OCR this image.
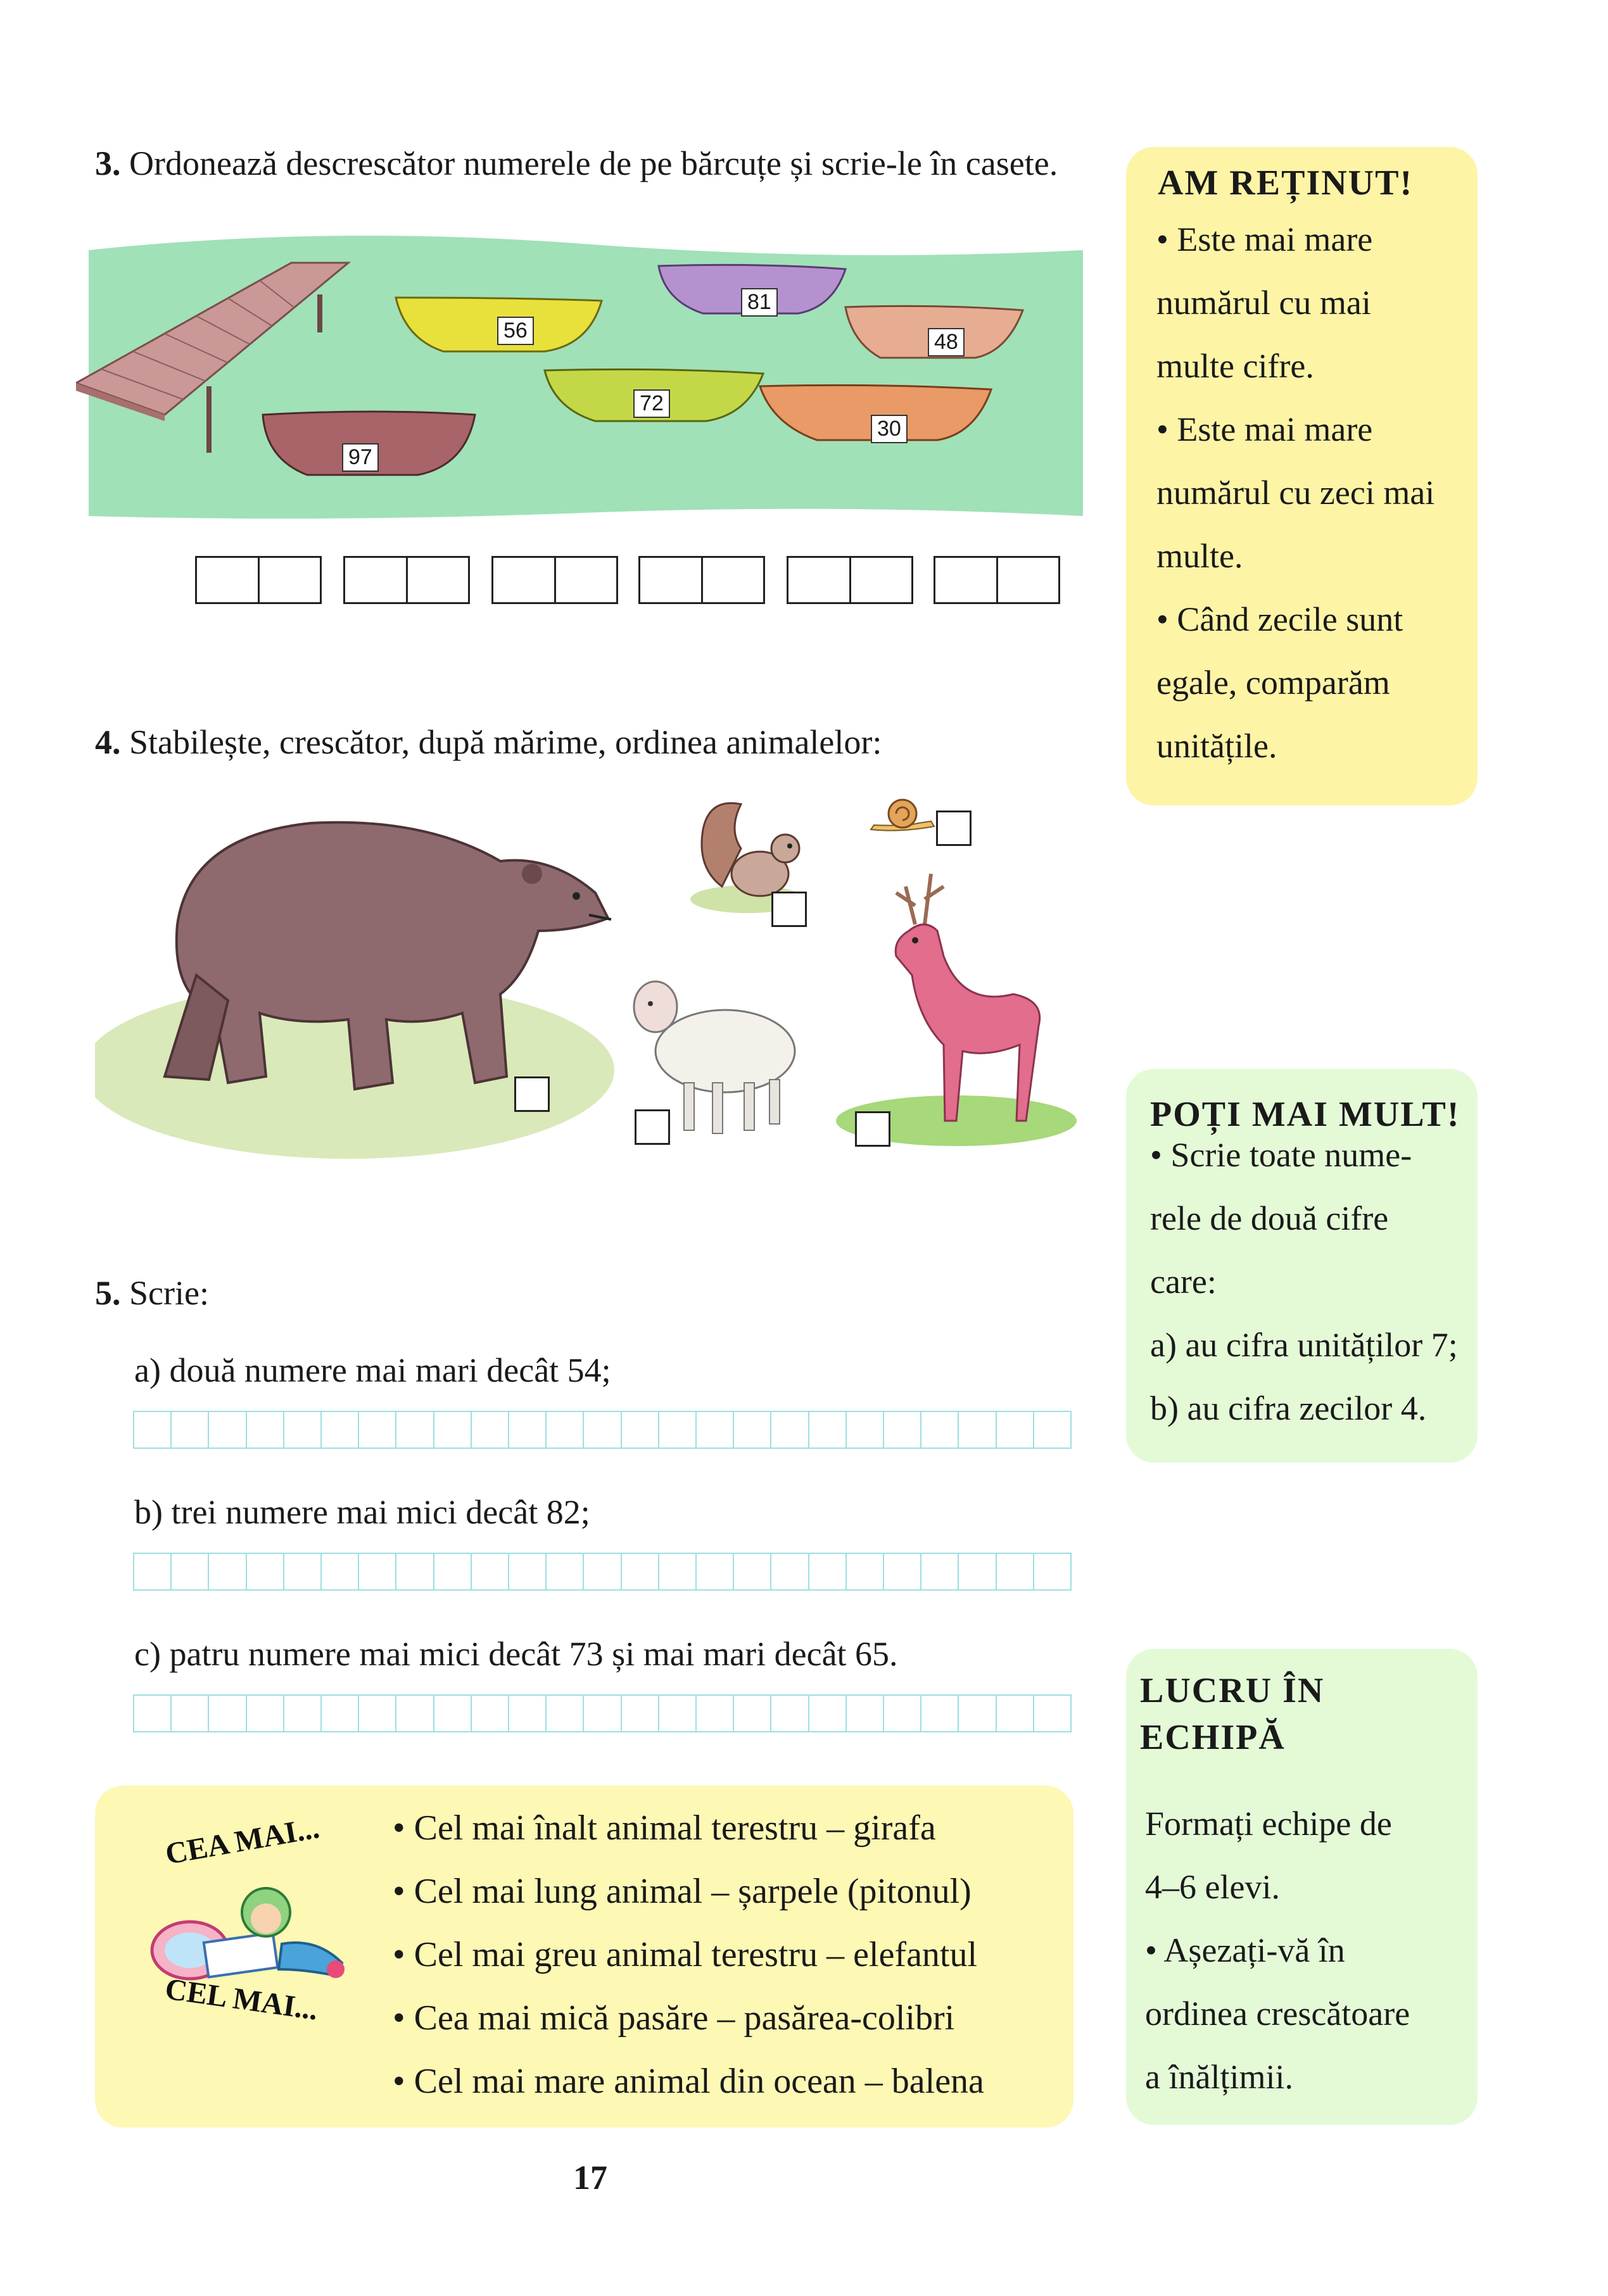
3. Ordonează descrescător numerele de pe bărcuțe și scrie-le în casete.
56
81
48
72
30
97
4. Stabilește, crescător, după mărime, ordinea animalelor:
5. Scrie:
a) două numere mai mari decât 54;
b) trei numere mai mici decât 82;
c) patru numere mai mici decât 73 și mai mari decât 65.
CEA MAI...
CEL MAI...
• Cel mai înalt animal terestru – girafa
• Cel mai lung animal – șarpele (pitonul)
• Cel mai greu animal terestru – elefantul
• Cea mai mică pasăre – pasărea-colibri
• Cel mai mare animal din ocean – balena
AM REȚINUT!
• Este mai mare
numărul cu mai
multe cifre.
• Este mai mare
numărul cu zeci mai
multe.
• Când zecile sunt
egale, comparăm
unitățile.
POȚI MAI MULT!
• Scrie toate nume-
rele de două cifre
care:
a) au cifra unităților 7;
b) au cifra zecilor 4.
LUCRU ÎN
ECHIPĂ
Formați echipe de
4–6 elevi.
• Așezați-vă în
ordinea crescătoare
a înălțimii.
17
